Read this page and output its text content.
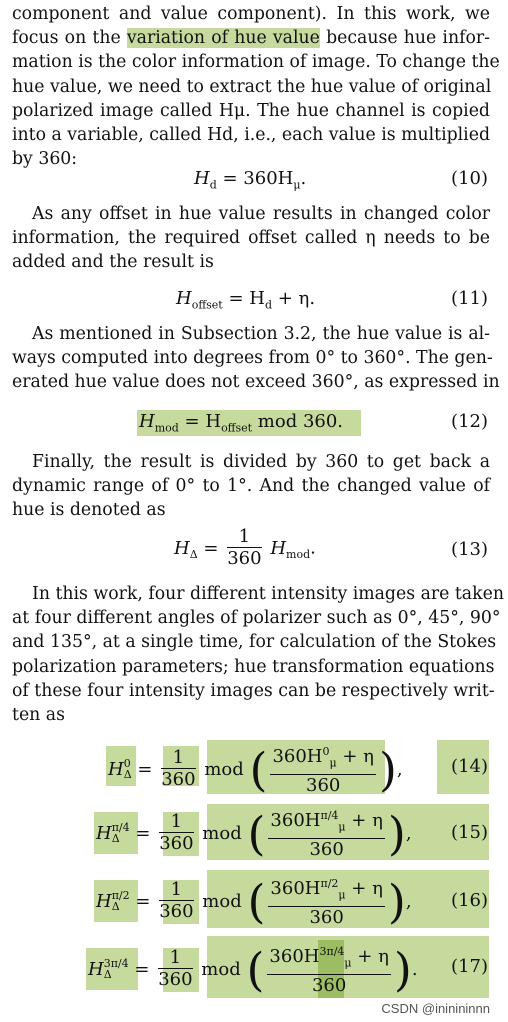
component and value component). In this work, we
focus on the variation of hue value because hue infor-
mation is the color information of image. To change the
hue value, we need to extract the hue value of original
polarized image called Hμ. The hue channel is copied
into a variable, called Hd, i.e., each value is multiplied
by 360:
$H_d = 360H_\mu$.	(10)
As any offset in hue value results in changed color
information, the required offset called η needs to be
added and the result is
$H_{offset} = H_d + \eta$.	(11)
As mentioned in Subsection 3.2, the hue value is al-
ways computed into degrees from 0° to 360°. The gen-
erated hue value does not exceed 360°, as expressed in
$H_{mod} = H_{offset}$ mod 360.	(12)
Finally, the result is divided by 360 to get back a
dynamic range of 0° to 1°. And the changed value of
hue is denoted as
$H_\Delta = \frac{1}{360} H_{mod}$.	(13)
In this work, four different intensity images are taken
at four different angles of polarizer such as 0°, 45°, 90°
and 135°, at a single time, for calculation of the Stokes
polarization parameters; hue transformation equations
of these four intensity images can be respectively writ-
ten as
H 0
$\Delta = \frac{1}{360}$ mod ( $\frac{360H^0_\mu + \eta}{360}$ ),	(14)
H π/4
$\Delta = \frac{1}{360}$ mod ( $\frac{360H^{\pi/4}_\mu + \eta}{360}$ ), (15)
H π/2
$\Delta = \frac{1}{360}$ mod ( $\frac{360H^{\pi/2}_\mu + \eta}{360}$ ), (16)
H 3π/4
Δ	= $\frac{1}{360}$ mod ( $\frac{360H^{3\pi/4}_\mu + \eta}{360}$ ). (17)
CSDN @ininininnn
